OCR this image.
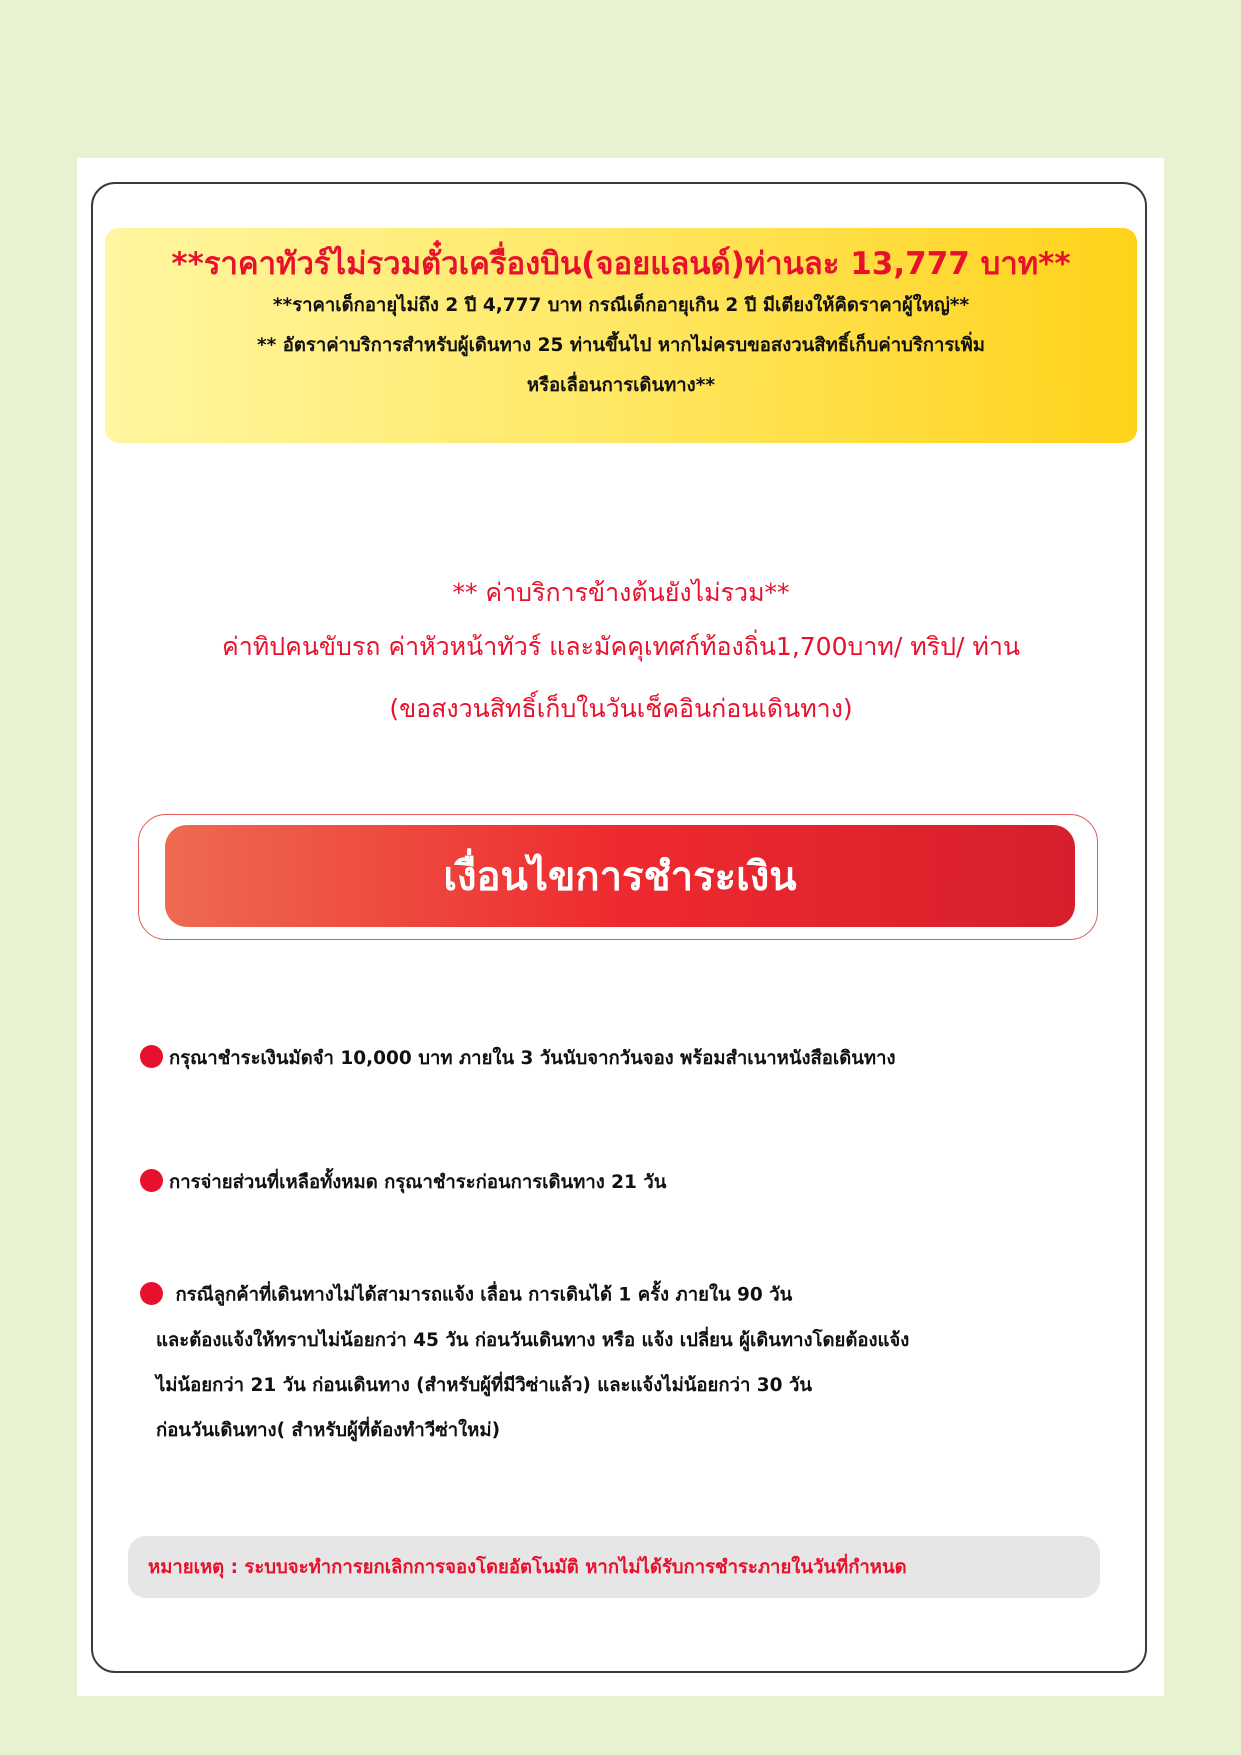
**ราคาทัวร์ไม่รวมตั๋วเครื่องบิน(จอยแลนด์)ท่านละ 13,777 บาท**
**ราคาเด็กอายุไม่ถึง 2 ปี 4,777 บาท กรณีเด็กอายุเกิน 2 ปี มีเตียงให้คิดราคาผู้ใหญ่**
** อัตราค่าบริการสำหรับผู้เดินทาง 25 ท่านขึ้นไป หากไม่ครบขอสงวนสิทธิ์เก็บค่าบริการเพิ่ม
หรือเลื่อนการเดินทาง**
** ค่าบริการข้างต้นยังไม่รวม**
ค่าทิปคนขับรถ ค่าหัวหน้าทัวร์ และมัคคุเทศก์ท้องถิ่น1,700บาท/ ทริป/ ท่าน
(ขอสงวนสิทธิ์เก็บในวันเช็คอินก่อนเดินทาง)
เงื่อนไขการชำระเงิน
กรุณาชำระเงินมัดจำ 10,000 บาท ภายใน 3 วันนับจากวันจอง พร้อมสำเนาหนังสือเดินทาง
การจ่ายส่วนที่เหลือทั้งหมด กรุณาชำระก่อนการเดินทาง 21 วัน
กรณีลูกค้าที่เดินทางไม่ได้สามารถแจ้ง เลื่อน การเดินได้ 1 ครั้ง ภายใน 90 วัน
และต้องแจ้งให้ทราบไม่น้อยกว่า 45 วัน ก่อนวันเดินทาง หรือ แจ้ง เปลี่ยน ผู้เดินทางโดยต้องแจ้ง
ไม่น้อยกว่า 21 วัน ก่อนเดินทาง (สำหรับผู้ที่มีวิซ่าแล้ว) และแจ้งไม่น้อยกว่า 30 วัน
ก่อนวันเดินทาง( สำหรับผู้ที่ต้องทำวีซ่าใหม่)
หมายเหตุ : ระบบจะทำการยกเลิกการจองโดยอัตโนมัติ หากไม่ได้รับการชำระภายในวันที่กำหนด
